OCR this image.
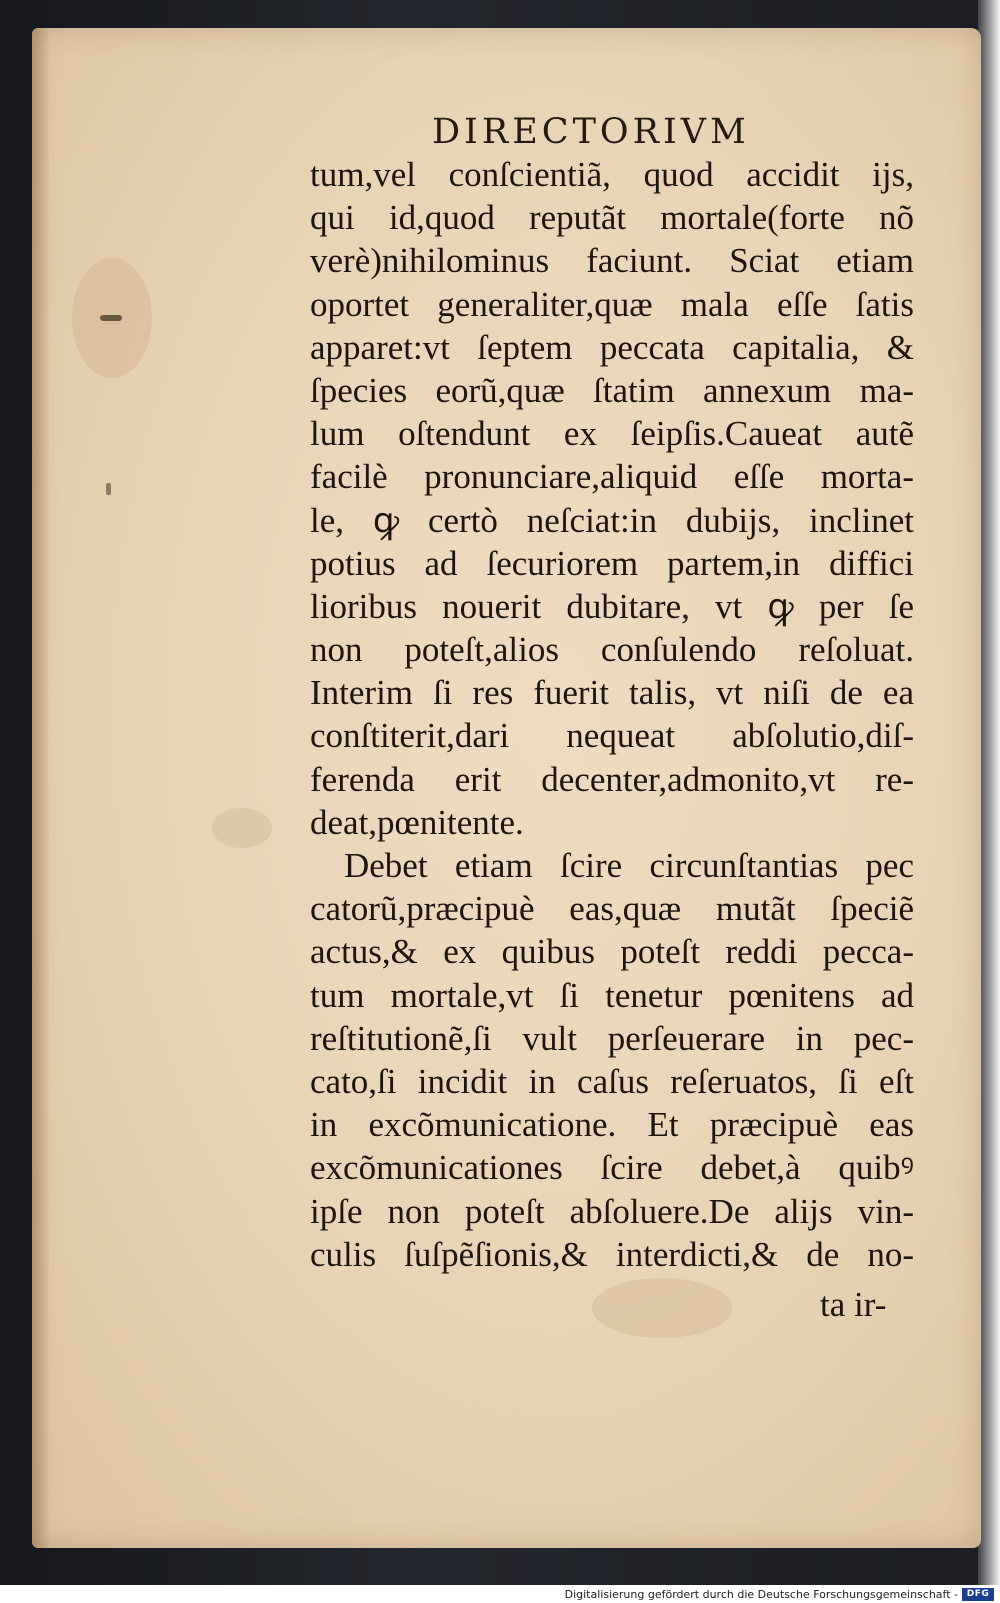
DIRECTORIVM
tum,vel conſcientiã, quod accidit ijs,
qui id,quod reputãt mortale(forte nõ
verè)nihilominus faciunt. Sciat etiam
oportet generaliter,quæ mala eſſe ſatis
apparet:vt ſeptem peccata capitalia, &
ſpecies eorũ,quæ ſtatim annexum ma-
lum oſtendunt ex ſeipſis.Caueat autẽ
facilè pronunciare,aliquid eſſe morta-
le, ꝙ certò neſciat:in dubijs, inclinet
potius ad ſecuriorem partem,in diffici
lioribus nouerit dubitare, vt ꝙ per ſe
non poteſt,alios conſulendo reſoluat.
Interim ſi res fuerit talis, vt niſi de ea
conſtiterit,dari nequeat abſolutio,diſ-
ferenda erit decenter,admonito,vt re-
deat,pœnitente.
Debet etiam ſcire circunſtantias pec
catorũ,præcipuè eas,quæ mutãt ſpeciẽ
actus,& ex quibus poteſt reddi pecca-
tum mortale,vt ſi tenetur pœnitens ad
reſtitutionẽ,ſi vult perſeuerare in pec-
cato,ſi incidit in caſus reſeruatos, ſi eſt
in excõmunicatione. Et præcipuè eas
excõmunicationes ſcire debet,à quibꝰ
ipſe non poteſt abſoluere.De alijs vin-
culis ſuſpẽſionis,& interdicti,& de no-
ta ir-
Digitalisierung gefördert durch die Deutsche Forschungsgemeinschaft - DFG
